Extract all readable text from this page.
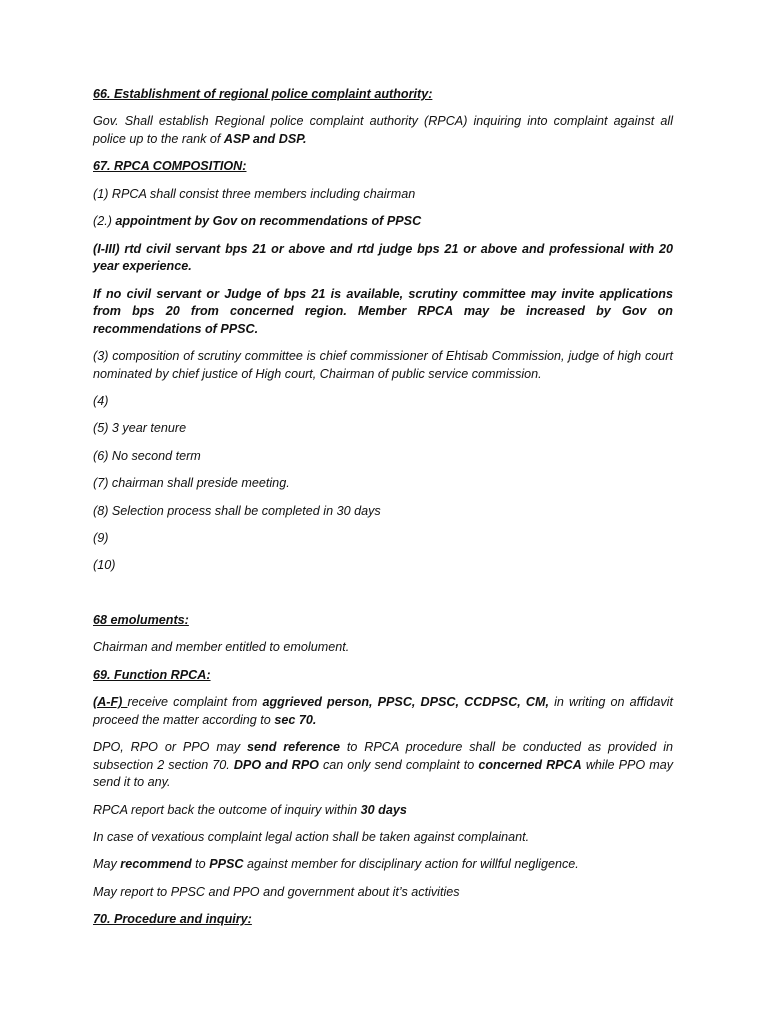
66. Establishment of regional police complaint authority:

Gov. Shall establish Regional police complaint authority (RPCA) inquiring into complaint against all police up to the rank of ASP and DSP.

67. RPCA COMPOSITION:

(1) RPCA shall consist three members including chairman

(2.) appointment by Gov on recommendations of PPSC

(I-III) rtd civil servant bps 21 or above and rtd judge bps 21 or above and professional with 20 year experience.

If no civil servant or Judge of bps 21 is available, scrutiny committee may invite applications from bps 20 from concerned region. Member RPCA may be increased by Gov on recommendations of PPSC.

(3) composition of scrutiny committee is chief commissioner of Ehtisab Commission, judge of high court nominated by chief justice of High court, Chairman of public service commission.

(4)

(5) 3 year tenure

(6) No second term

(7) chairman shall preside meeting.

(8) Selection process shall be completed in 30 days

(9)

(10)

68 emoluments:

Chairman and member entitled to emolument.

69. Function RPCA:

(A-F) receive complaint from aggrieved person, PPSC, DPSC, CCDPSC, CM, in writing on affidavit proceed the matter according to sec 70.

DPO, RPO or PPO may send reference to RPCA procedure shall be conducted as provided in subsection 2 section 70. DPO and RPO can only send complaint to concerned RPCA while PPO may send it to any.

RPCA report back the outcome of inquiry within 30 days

In case of vexatious complaint legal action shall be taken against complainant.

May recommend to PPSC against member for disciplinary action for willful negligence.

May report to PPSC and PPO and government about it’s activities

70. Procedure and inquiry:
